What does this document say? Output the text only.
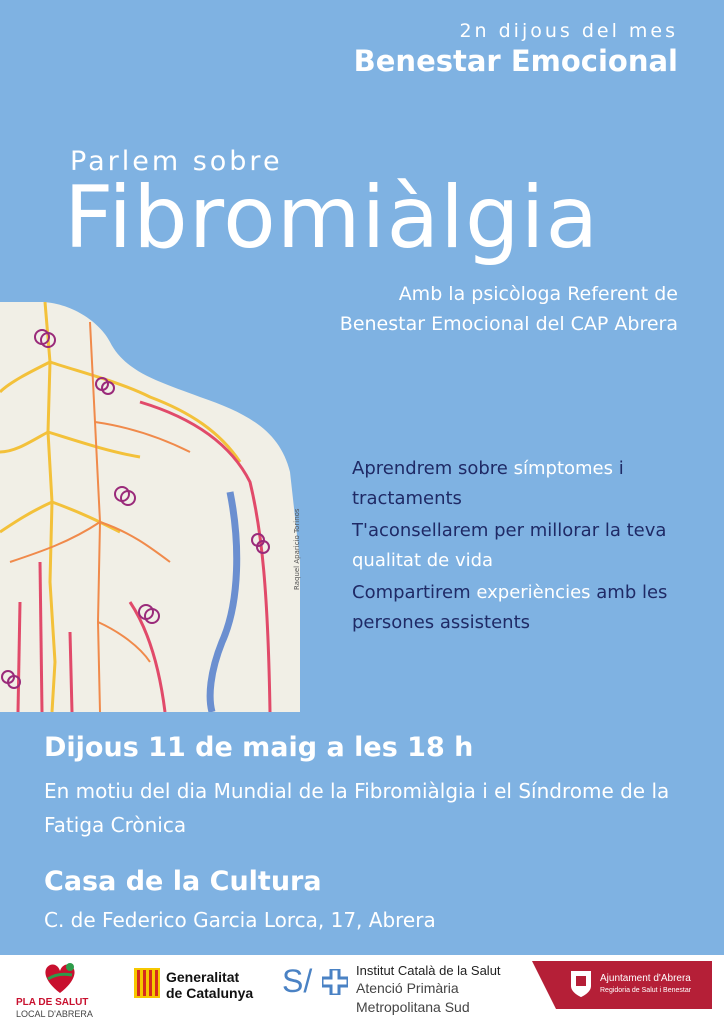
2n dijous del mes
Benestar Emocional
Parlem sobre
Fibromiàlgia
Amb la psicòloga Referent de
Benestar Emocional del CAP Abrera
Raquel Aparicio Torinos
Aprendrem sobre símptomes i tractaments
T'aconsellarem per millorar la teva qualitat de vida
Compartirem experiències amb les persones assistents
Dijous 11 de maig a les 18 h
En motiu del dia Mundial de la Fibromiàlgia i el Síndrome de la Fatiga Crònica
Casa de la Cultura
C. de Federico Garcia Lorca, 17, Abrera
PLA DE SALUT
LOCAL D'ABRERA
Generalitat
de Catalunya S/	Institut Català de la Salut
Atenció Primària
Metropolitana Sud
Ajuntament d'Abrera
Regidoria de Salut i Benestar
